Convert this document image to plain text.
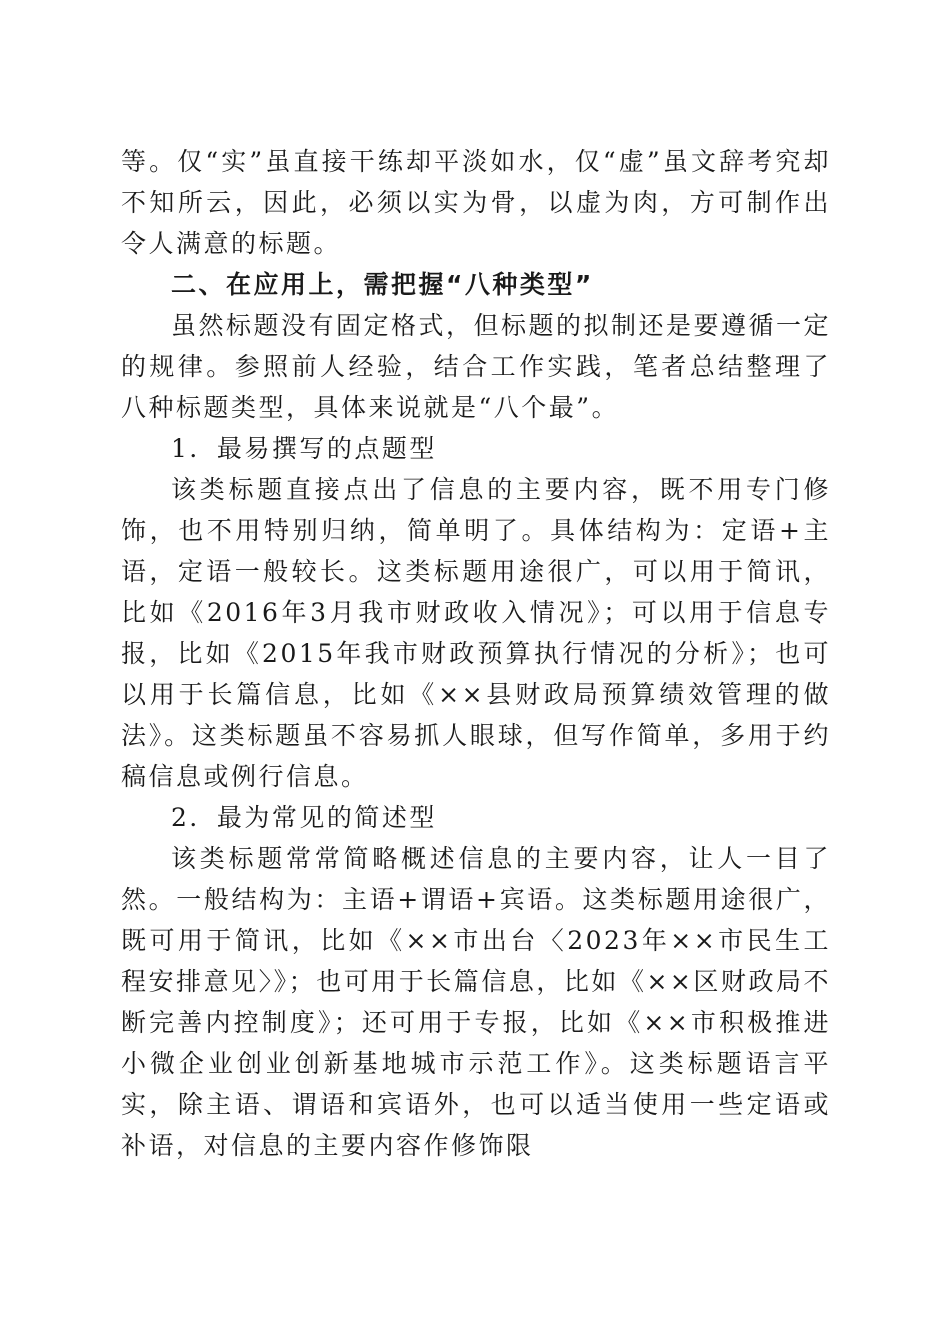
等。仅“实”虽直接干练却平淡如水，仅“虚”虽文辞考究却不知所云，因此，必须以实为骨，以虚为肉，方可制作出令人满意的标题。

二、在应用上，需把握“八种类型”

虽然标题没有固定格式，但标题的拟制还是要遵循一定的规律。参照前人经验，结合工作实践，笔者总结整理了八种标题类型，具体来说就是“八个最”。

1．最易撰写的点题型

该类标题直接点出了信息的主要内容，既不用专门修饰，也不用特别归纳，简单明了。具体结构为：定语+主语，定语一般较长。这类标题用途很广，可以用于简讯，比如《2016年3月我市财政收入情况》；可以用于信息专报，比如《2015年我市财政预算执行情况的分析》；也可以用于长篇信息，比如《××县财政局预算绩效管理的做法》。这类标题虽不容易抓人眼球，但写作简单，多用于约稿信息或例行信息。

2．最为常见的简述型

该类标题常常简略概述信息的主要内容，让人一目了然。一般结构为：主语+谓语+宾语。这类标题用途很广，既可用于简讯，比如《××市出台〈2023年××市民生工程安排意见〉》；也可用于长篇信息，比如《××区财政局不断完善内控制度》；还可用于专报，比如《××市积极推进小微企业创业创新基地城市示范工作》。这类标题语言平实，除主语、谓语和宾语外，也可以适当使用一些定语或补语，对信息的主要内容作修饰限
